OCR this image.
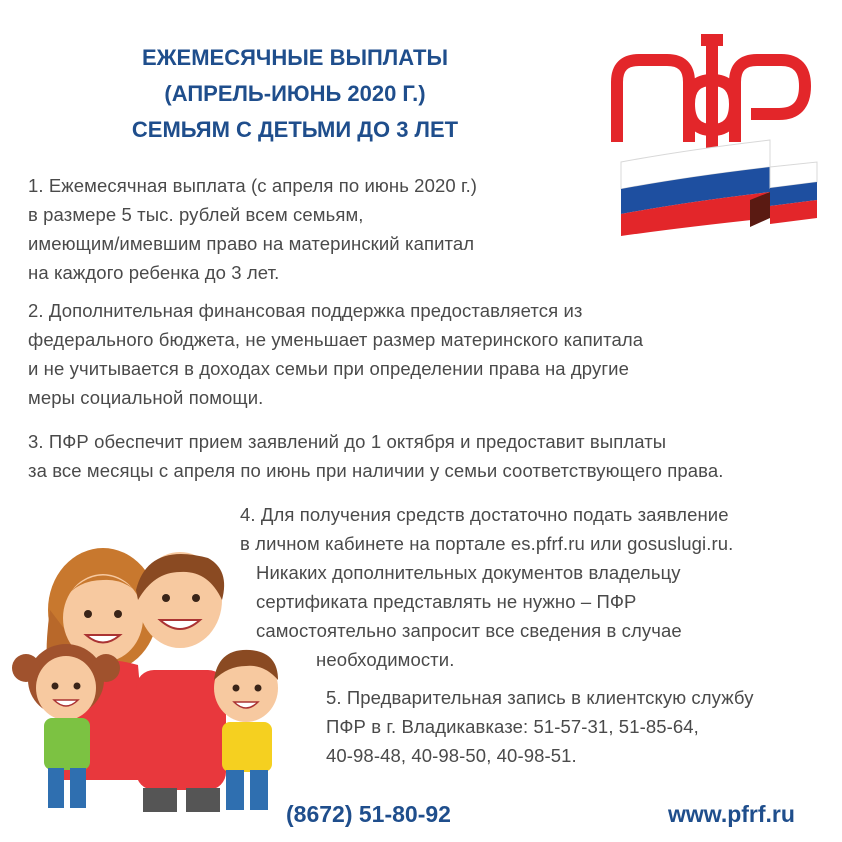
ЕЖЕМЕСЯЧНЫЕ ВЫПЛАТЫ
(АПРЕЛЬ-ИЮНЬ 2020 Г.)
СЕМЬЯМ С ДЕТЬМИ ДО 3 ЛЕТ
1. Ежемесячная выплата (с апреля по июнь 2020 г.)
в размере 5 тыс. рублей всем семьям,
имеющим/имевшим право на материнский капитал
на каждого ребенка до 3 лет.
2. Дополнительная финансовая поддержка предоставляется из
федерального бюджета, не уменьшает размер материнского капитала
и не учитывается в доходах семьи при определении права на другие
меры социальной помощи.
3. ПФР обеспечит прием заявлений до 1 октября и предоставит выплаты
за все месяцы с апреля по июнь при наличии у семьи соответствующего права.
4. Для получения средств достаточно подать заявление
в личном кабинете на портале es.pfrf.ru или gosuslugi.ru.
Никаких дополнительных документов владельцу
сертификата представлять не нужно – ПФР
самостоятельно запросит все сведения в случае
необходимости.
5. Предварительная запись в клиентскую службу
ПФР в г. Владикавказе: 51-57-31, 51-85-64,
40-98-48, 40-98-50, 40-98-51.

(8672) 51-80-92	www.pfrf.ru
